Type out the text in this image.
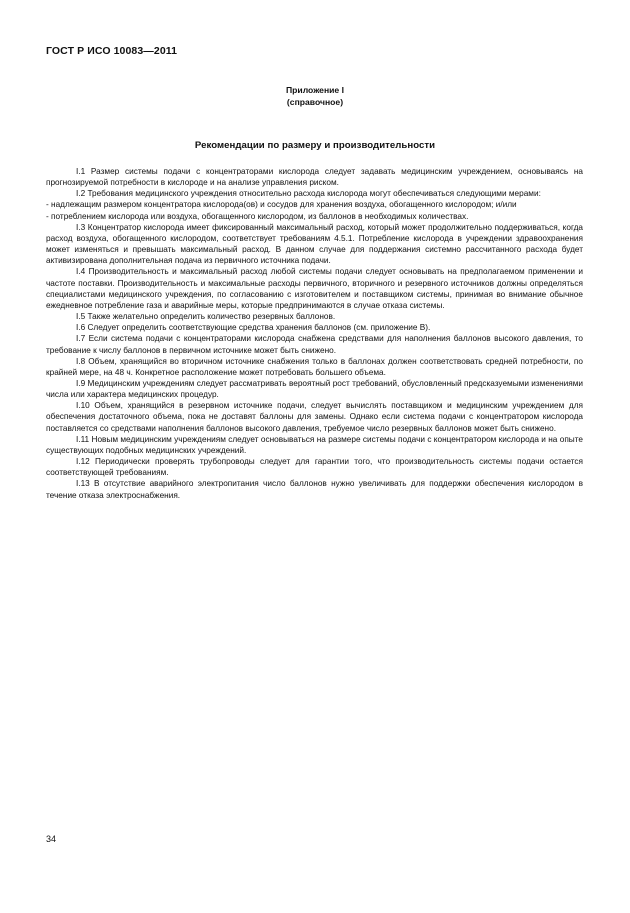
ГОСТ Р ИСО 10083—2011
Приложение I
(справочное)
Рекомендации по размеру и производительности

I.1 Размер системы подачи с концентраторами кислорода следует задавать медицинским учреждением, основываясь на прогнозируемой потребности в кислороде и на анализе управления риском.

I.2 Требования медицинского учреждения относительно расхода кислорода могут обеспечиваться следующими мерами:

- надлежащим размером концентратора кислорода(ов) и сосудов для хранения воздуха, обогащенного кислородом; и/или

- потреблением кислорода или воздуха, обогащенного кислородом, из баллонов в необходимых количествах.

I.3 Концентратор кислорода имеет фиксированный максимальный расход, который может продолжительно поддерживаться, когда расход воздуха, обогащенного кислородом, соответствует требованиям 4.5.1. Потребление кислорода в учреждении здравоохранения может изменяться и превышать максимальный расход. В данном случае для поддержания системно рассчитанного расхода будет активизирована дополнительная подача из первичного источника подачи.

I.4 Производительность и максимальный расход любой системы подачи следует основывать на предполагаемом применении и частоте поставки. Производительность и максимальные расходы первичного, вторичного и резервного источников должны определяться специалистами медицинского учреждения, по согласованию с изготовителем и поставщиком системы, принимая во внимание обычное ежедневное потребление газа и аварийные меры, которые предпринимаются в случае отказа системы.

I.5 Также желательно определить количество резервных баллонов.

I.6 Следует определить соответствующие средства хранения баллонов (см. приложение В).

I.7 Если система подачи с концентраторами кислорода снабжена средствами для наполнения баллонов высокого давления, то требование к числу баллонов в первичном источнике может быть снижено.

I.8 Объем, хранящийся во вторичном источнике снабжения только в баллонах должен соответствовать средней потребности, по крайней мере, на 48 ч. Конкретное расположение может потребовать большего объема.

I.9 Медицинским учреждениям следует рассматривать вероятный рост требований, обусловленный предсказуемыми изменениями числа или характера медицинских процедур.

I.10 Объем, хранящийся в резервном источнике подачи, следует вычислять поставщиком и медицинским учреждением для обеспечения достаточного объема, пока не доставят баллоны для замены. Однако если система подачи с концентратором кислорода поставляется со средствами наполнения баллонов высокого давления, требуемое число резервных баллонов может быть снижено.

I.11 Новым медицинским учреждениям следует основываться на размере системы подачи с концентратором кислорода и на опыте существующих подобных медицинских учреждений.

I.12 Периодически проверять трубопроводы следует для гарантии того, что производительность системы подачи остается соответствующей требованиям.

I.13 В отсутствие аварийного электропитания число баллонов нужно увеличивать для поддержки обеспечения кислородом в течение отказа электроснабжения.

34
